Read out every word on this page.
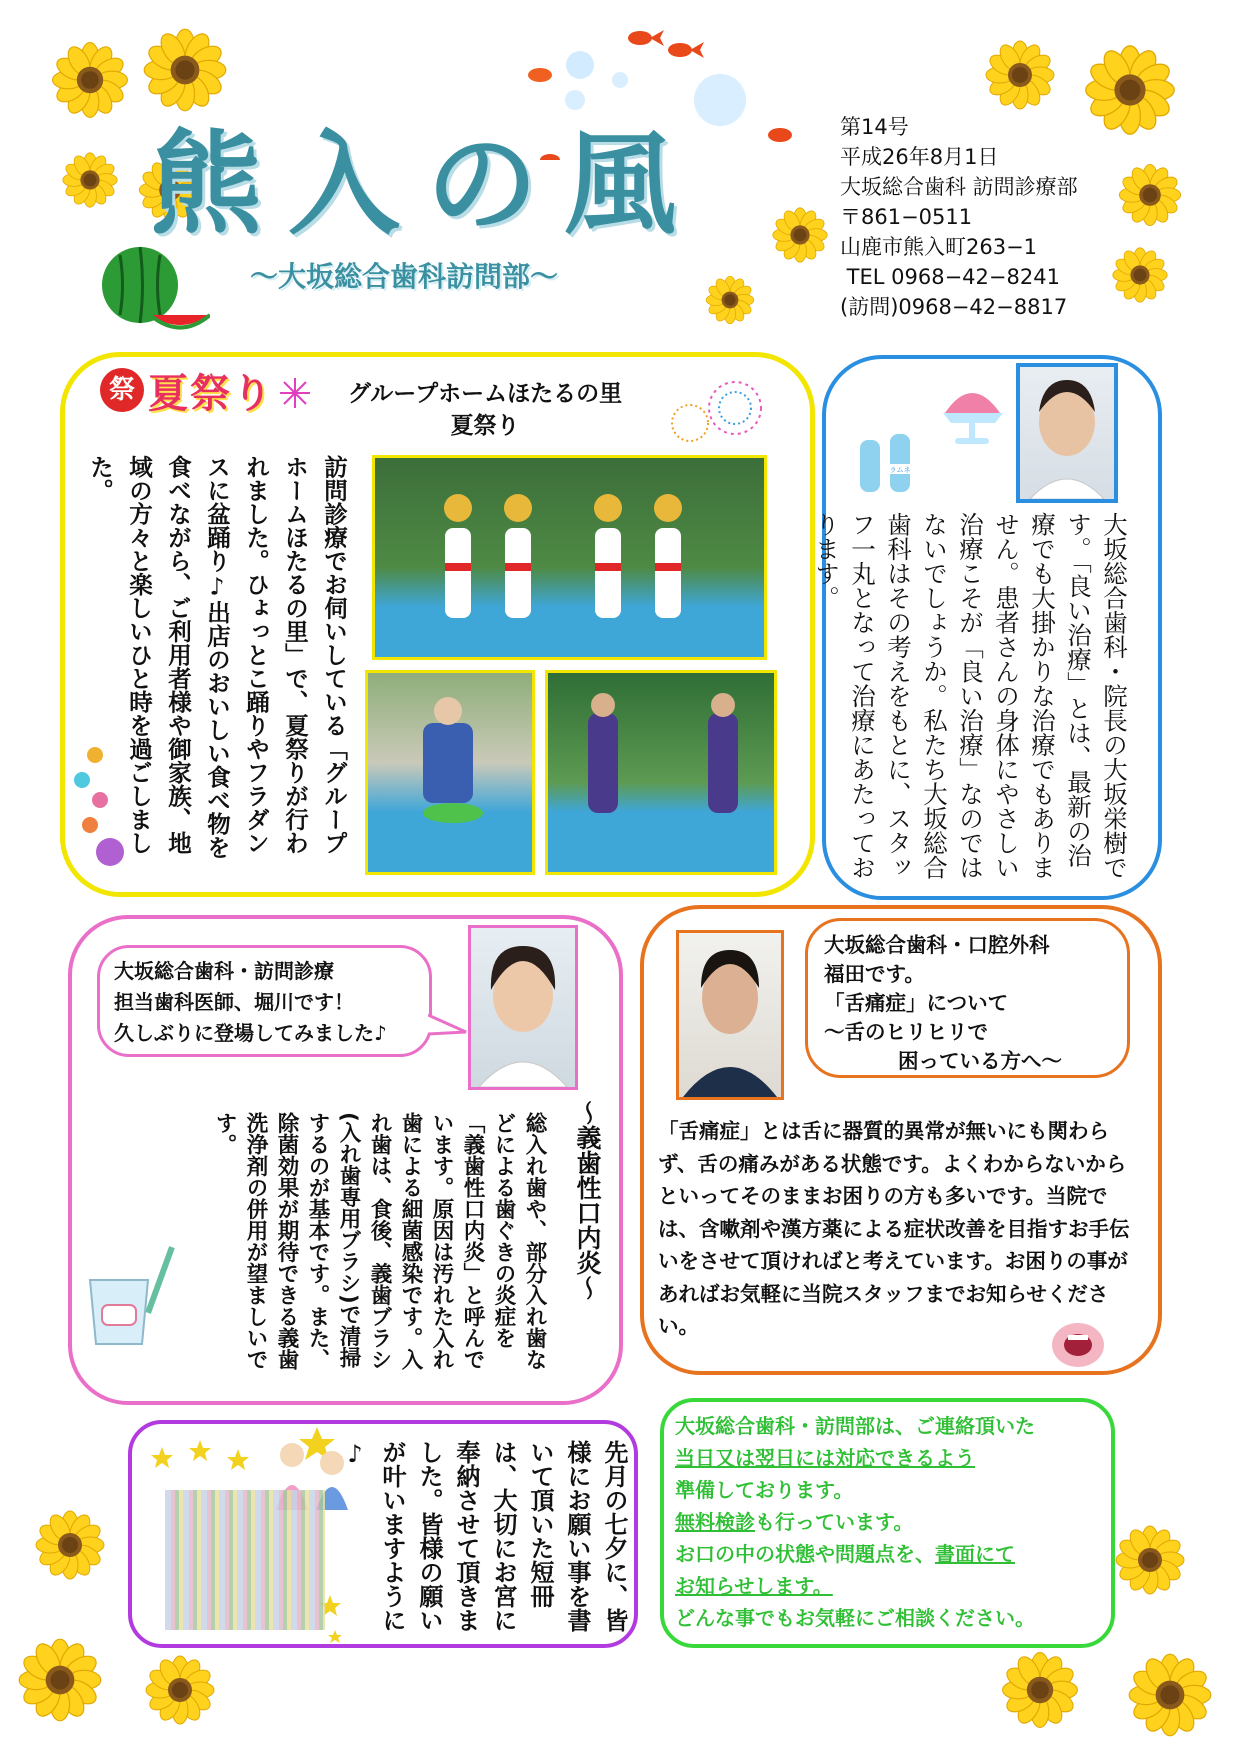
熊入の風
〜大坂総合歯科訪問部〜
第14号
平成26年8月1日
大坂総合歯科 訪問診療部
〒861−0511
山鹿市熊入町263−1
TEL 0968−42−8241
(訪問)0968−42−8817
祭 夏祭り	グループホームほたるの里
夏祭り
訪問診療でお伺いしている「グループホームほたるの里」で、夏祭りが行われました。ひょっとこ踊りやフラダンスに盆踊り♪出店のおいしい食べ物を食べながら、ご利用者様や御家族、地域の方々と楽しいひと時を過ごしました。	ラムネ
大坂総合歯科・院長の大坂栄樹です。「良い治療」とは、最新の治療でも大掛かりな治療でもありません。患者さんの身体にやさしい治療こそが「良い治療」なのではないでしょうか。私たち大坂総合歯科はその考えをもとに、スタッフ一丸となって治療にあたっております。
大坂総合歯科・訪問診療
担当歯科医師、堀川です！
久しぶりに登場してみました♪
〜義歯性口内炎〜
総入れ歯や、部分入れ歯などによる歯ぐきの炎症を「義歯性口内炎」と呼んでいます。原因は汚れた入れ歯による細菌感染です。入れ歯は、食後、義歯ブラシ(入れ歯専用ブラシ)で清掃するのが基本です。また、除菌効果が期待できる義歯洗浄剤の併用が望ましいです。
大坂総合歯科・口腔外科
福田です。
「舌痛症」について
〜舌のヒリヒリで
困っている方へ〜
「舌痛症」とは舌に器質的異常が無いにも関わらず、舌の痛みがある状態です。よくわからないからといってそのままお困りの方も多いです。当院では、含嗽剤や漢方薬による症状改善を目指すお手伝いをさせて頂ければと考えています。お困りの事があればお気軽に当院スタッフまでお知らせください。
先月の七夕に、皆様にお願い事を書いて頂いた短冊は、大切にお宮に奉納させて頂きました。皆様の願いが叶いますように♪
大坂総合歯科・訪問部は、ご連絡頂いた
当日又は翌日には対応できるよう
準備しております。
無料検診も行っています。
お口の中の状態や問題点を、書面にて
お知らせします。
どんな事でもお気軽にご相談ください。
